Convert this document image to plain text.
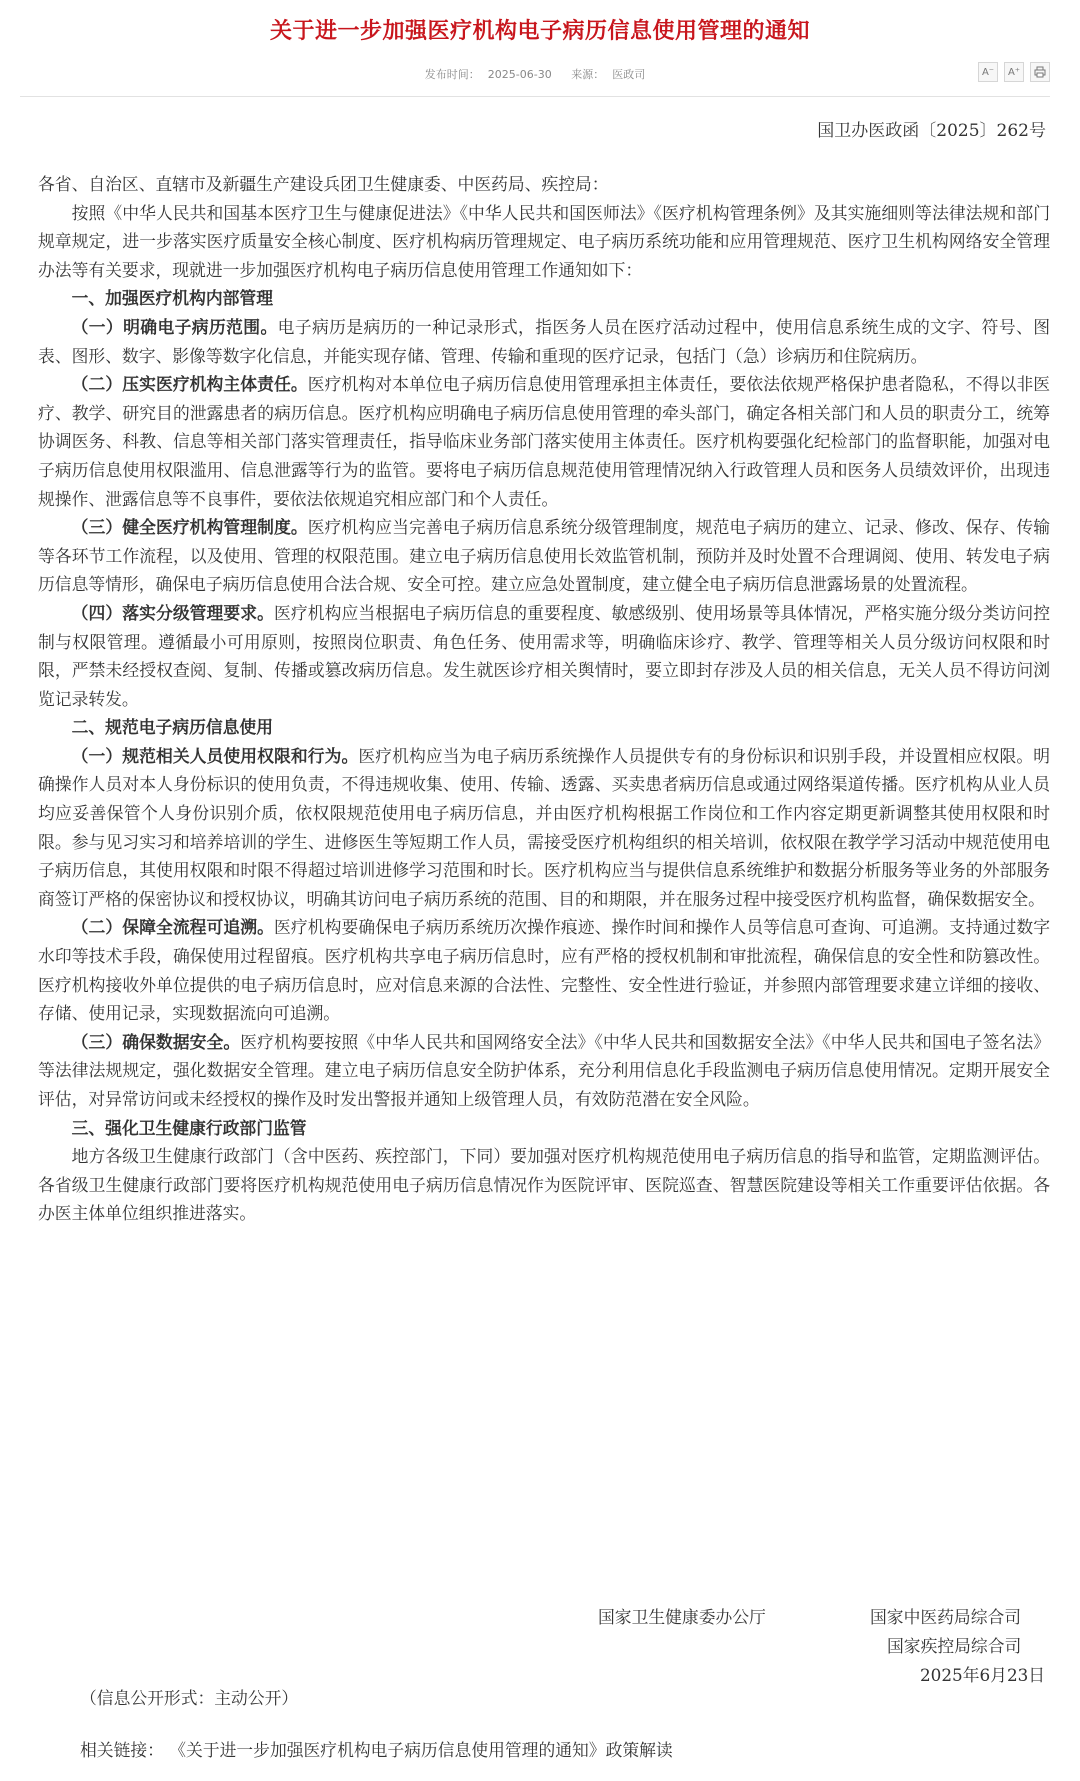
关于进一步加强医疗机构电子病历信息使用管理的通知
发布时间： 2025-06-30 来源： 医政司	A⁻	A⁺
国卫办医政函〔2025〕262号

各省、自治区、直辖市及新疆生产建设兵团卫生健康委、中医药局、疾控局：

按照《中华人民共和国基本医疗卫生与健康促进法》《中华人民共和国医师法》《医疗机构管理条例》及其实施细则等法律法规和部门规章规定，进一步落实医疗质量安全核心制度、医疗机构病历管理规定、电子病历系统功能和应用管理规范、医疗卫生机构网络安全管理办法等有关要求，现就进一步加强医疗机构电子病历信息使用管理工作通知如下：

一、加强医疗机构内部管理

（一）明确电子病历范围。电子病历是病历的一种记录形式，指医务人员在医疗活动过程中，使用信息系统生成的文字、符号、图表、图形、数字、影像等数字化信息，并能实现存储、管理、传输和重现的医疗记录，包括门（急）诊病历和住院病历。

（二）压实医疗机构主体责任。医疗机构对本单位电子病历信息使用管理承担主体责任，要依法依规严格保护患者隐私，不得以非医疗、教学、研究目的泄露患者的病历信息。医疗机构应明确电子病历信息使用管理的牵头部门，确定各相关部门和人员的职责分工，统筹协调医务、科教、信息等相关部门落实管理责任，指导临床业务部门落实使用主体责任。医疗机构要强化纪检部门的监督职能，加强对电子病历信息使用权限滥用、信息泄露等行为的监管。要将电子病历信息规范使用管理情况纳入行政管理人员和医务人员绩效评价，出现违规操作、泄露信息等不良事件，要依法依规追究相应部门和个人责任。

（三）健全医疗机构管理制度。医疗机构应当完善电子病历信息系统分级管理制度，规范电子病历的建立、记录、修改、保存、传输等各环节工作流程，以及使用、管理的权限范围。建立电子病历信息使用长效监管机制，预防并及时处置不合理调阅、使用、转发电子病历信息等情形，确保电子病历信息使用合法合规、安全可控。建立应急处置制度，建立健全电子病历信息泄露场景的处置流程。

（四）落实分级管理要求。医疗机构应当根据电子病历信息的重要程度、敏感级别、使用场景等具体情况，严格实施分级分类访问控制与权限管理。遵循最小可用原则，按照岗位职责、角色任务、使用需求等，明确临床诊疗、教学、管理等相关人员分级访问权限和时限，严禁未经授权查阅、复制、传播或篡改病历信息。发生就医诊疗相关舆情时，要立即封存涉及人员的相关信息，无关人员不得访问浏览记录转发。

二、规范电子病历信息使用

（一）规范相关人员使用权限和行为。医疗机构应当为电子病历系统操作人员提供专有的身份标识和识别手段，并设置相应权限。明确操作人员对本人身份标识的使用负责，不得违规收集、使用、传输、透露、买卖患者病历信息或通过网络渠道传播。医疗机构从业人员均应妥善保管个人身份识别介质，依权限规范使用电子病历信息，并由医疗机构根据工作岗位和工作内容定期更新调整其使用权限和时限。参与见习实习和培养培训的学生、进修医生等短期工作人员，需接受医疗机构组织的相关培训，依权限在教学学习活动中规范使用电子病历信息，其使用权限和时限不得超过培训进修学习范围和时长。医疗机构应当与提供信息系统维护和数据分析服务等业务的外部服务商签订严格的保密协议和授权协议，明确其访问电子病历系统的范围、目的和期限，并在服务过程中接受医疗机构监督，确保数据安全。

（二）保障全流程可追溯。医疗机构要确保电子病历系统历次操作痕迹、操作时间和操作人员等信息可查询、可追溯。支持通过数字水印等技术手段，确保使用过程留痕。医疗机构共享电子病历信息时，应有严格的授权机制和审批流程，确保信息的安全性和防篡改性。医疗机构接收外单位提供的电子病历信息时，应对信息来源的合法性、完整性、安全性进行验证，并参照内部管理要求建立详细的接收、存储、使用记录，实现数据流向可追溯。

（三）确保数据安全。医疗机构要按照《中华人民共和国网络安全法》《中华人民共和国数据安全法》《中华人民共和国电子签名法》等法律法规规定，强化数据安全管理。建立电子病历信息安全防护体系，充分利用信息化手段监测电子病历信息使用情况。定期开展安全评估，对异常访问或未经授权的操作及时发出警报并通知上级管理人员，有效防范潜在安全风险。

三、强化卫生健康行政部门监管

地方各级卫生健康行政部门（含中医药、疾控部门，下同）要加强对医疗机构规范使用电子病历信息的指导和监管，定期监测评估。各省级卫生健康行政部门要将医疗机构规范使用电子病历信息情况作为医院评审、医院巡查、智慧医院建设等相关工作重要评估依据。各办医主体单位组织推进落实。

国家卫生健康委办公厅	国家中医药局综合司
国家疾控局综合司
2025年6月23日
（信息公开形式：主动公开）
相关链接： 《关于进一步加强医疗机构电子病历信息使用管理的通知》政策解读
